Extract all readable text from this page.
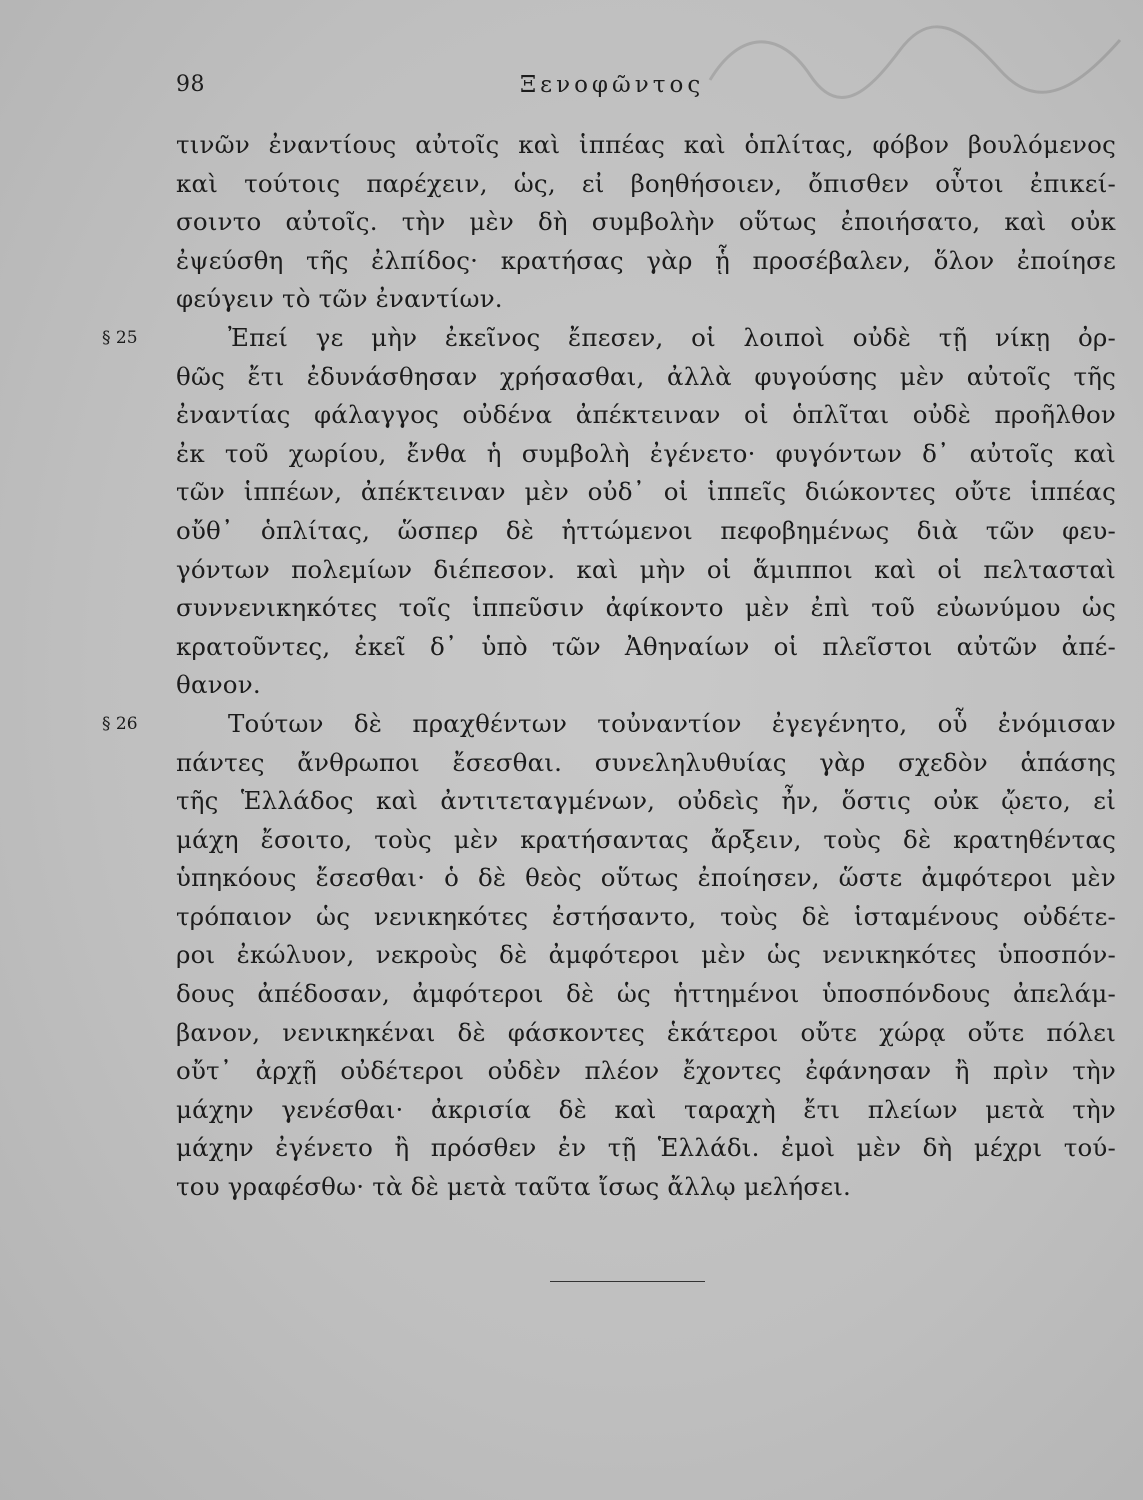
98	Ξενοφῶντος
τινῶν ἐναντίους αὐτοῖς καὶ ἱππέας καὶ ὁπλίτας, φόβον βουλόμενος
καὶ τούτοις παρέχειν, ὡς, εἰ βοηθήσοιεν, ὄπισθεν οὗτοι ἐπικεί-
σοιντο αὐτοῖς. τὴν μὲν δὴ συμβολὴν οὕτως ἐποιήσατο, καὶ οὐκ
ἐψεύσθη τῆς ἐλπίδος· κρατήσας γὰρ ᾗ προσέβαλεν, ὅλον ἐποίησε
φεύγειν τὸ τῶν ἐναντίων.
§ 25	Ἐπεί γε μὴν ἐκεῖνος ἔπεσεν, οἱ λοιποὶ οὐδὲ τῇ νίκῃ ὀρ-
θῶς ἔτι ἐδυνάσθησαν χρήσασθαι, ἀλλὰ φυγούσης μὲν αὐτοῖς τῆς
ἐναντίας φάλαγγος οὐδένα ἀπέκτειναν οἱ ὁπλῖται οὐδὲ προῆλθον
ἐκ τοῦ χωρίου, ἔνθα ἡ συμβολὴ ἐγένετο· φυγόντων δ᾿ αὐτοῖς καὶ
τῶν ἱππέων, ἀπέκτειναν μὲν οὐδ᾿ οἱ ἱππεῖς διώκοντες οὔτε ἱππέας
οὔθ᾿ ὁπλίτας, ὥσπερ δὲ ἡττώμενοι πεφοβημένως διὰ τῶν φευ-
γόντων πολεμίων διέπεσον. καὶ μὴν οἱ ἅμιπποι καὶ οἱ πελτασταὶ
συννενικηκότες τοῖς ἱππεῦσιν ἀφίκοντο μὲν ἐπὶ τοῦ εὐωνύμου ὡς
κρατοῦντες, ἐκεῖ δ᾿ ὑπὸ τῶν Ἀθηναίων οἱ πλεῖστοι αὐτῶν ἀπέ-
θανον.
§ 26	Τούτων δὲ πραχθέντων τοὐναντίον ἐγεγένητο, οὗ ἐνόμισαν
πάντες ἄνθρωποι ἔσεσθαι. συνεληλυθυίας γὰρ σχεδὸν ἁπάσης
τῆς Ἑλλάδος καὶ ἀντιτεταγμένων, οὐδεὶς ἦν, ὅστις οὐκ ᾤετο, εἰ
μάχη ἔσοιτο, τοὺς μὲν κρατήσαντας ἄρξειν, τοὺς δὲ κρατηθέντας
ὑπηκόους ἔσεσθαι· ὁ δὲ θεὸς οὕτως ἐποίησεν, ὥστε ἀμφότεροι μὲν
τρόπαιον ὡς νενικηκότες ἐστήσαντο, τοὺς δὲ ἱσταμένους οὐδέτε-
ροι ἐκώλυον, νεκροὺς δὲ ἀμφότεροι μὲν ὡς νενικηκότες ὑποσπόν-
δους ἀπέδοσαν, ἀμφότεροι δὲ ὡς ἡττημένοι ὑποσπόνδους ἀπελάμ-
βανον, νενικηκέναι δὲ φάσκοντες ἑκάτεροι οὔτε χώρᾳ οὔτε πόλει
οὔτ᾿ ἀρχῇ οὐδέτεροι οὐδὲν πλέον ἔχοντες ἐφάνησαν ἢ πρὶν τὴν
μάχην γενέσθαι· ἀκρισία δὲ καὶ ταραχὴ ἔτι πλείων μετὰ τὴν
μάχην ἐγένετο ἢ πρόσθεν ἐν τῇ Ἑλλάδι. ἐμοὶ μὲν δὴ μέχρι τού-
του γραφέσθω· τὰ δὲ μετὰ ταῦτα ἴσως ἄλλῳ μελήσει.
